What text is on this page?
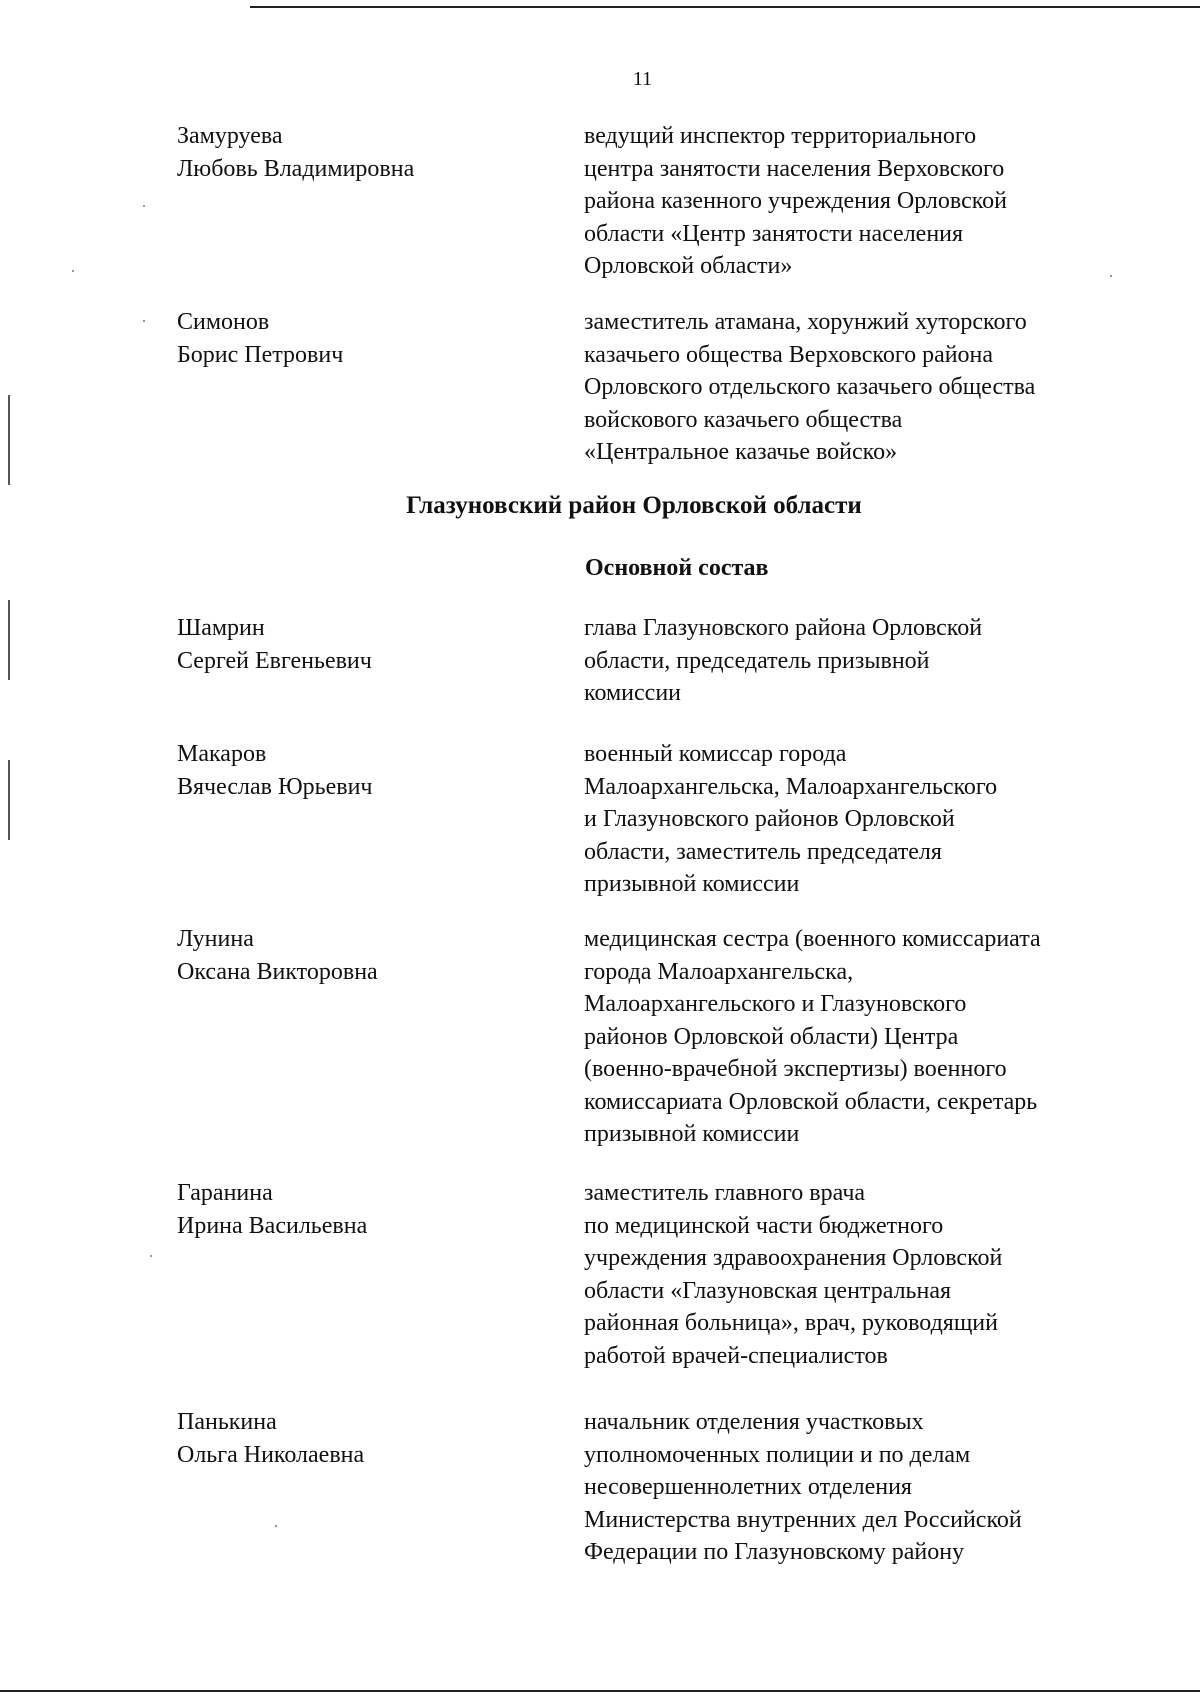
11
Замуруева
Любовь Владимировна
ведущий инспектор территориального
центра занятости населения Верховского
района казенного учреждения Орловской
области «Центр занятости населения
Орловской области»
Симонов
Борис Петрович
заместитель атамана, хорунжий хуторского
казачьего общества Верховского района
Орловского отдельского казачьего общества
войскового казачьего общества
«Центральное казачье войско»
Глазуновский район Орловской области
Основной состав
Шамрин
Сергей Евгеньевич
глава Глазуновского района Орловской
области, председатель призывной
комиссии
Макаров
Вячеслав Юрьевич
военный комиссар города
Малоархангельска, Малоархангельского
и Глазуновского районов Орловской
области, заместитель председателя
призывной комиссии
Лунина
Оксана Викторовна
медицинская сестра (военного комиссариата
города Малоархангельска,
Малоархангельского и Глазуновского
районов Орловской области) Центра
(военно-врачебной экспертизы) военного
комиссариата Орловской области, секретарь
призывной комиссии
Гаранина
Ирина Васильевна
заместитель главного врача
по медицинской части бюджетного
учреждения здравоохранения Орловской
области «Глазуновская центральная
районная больница», врач, руководящий
работой врачей-специалистов
Панькина
Ольга Николаевна
начальник отделения участковых
уполномоченных полиции и по делам
несовершеннолетних отделения
Министерства внутренних дел Российской
Федерации по Глазуновскому району
